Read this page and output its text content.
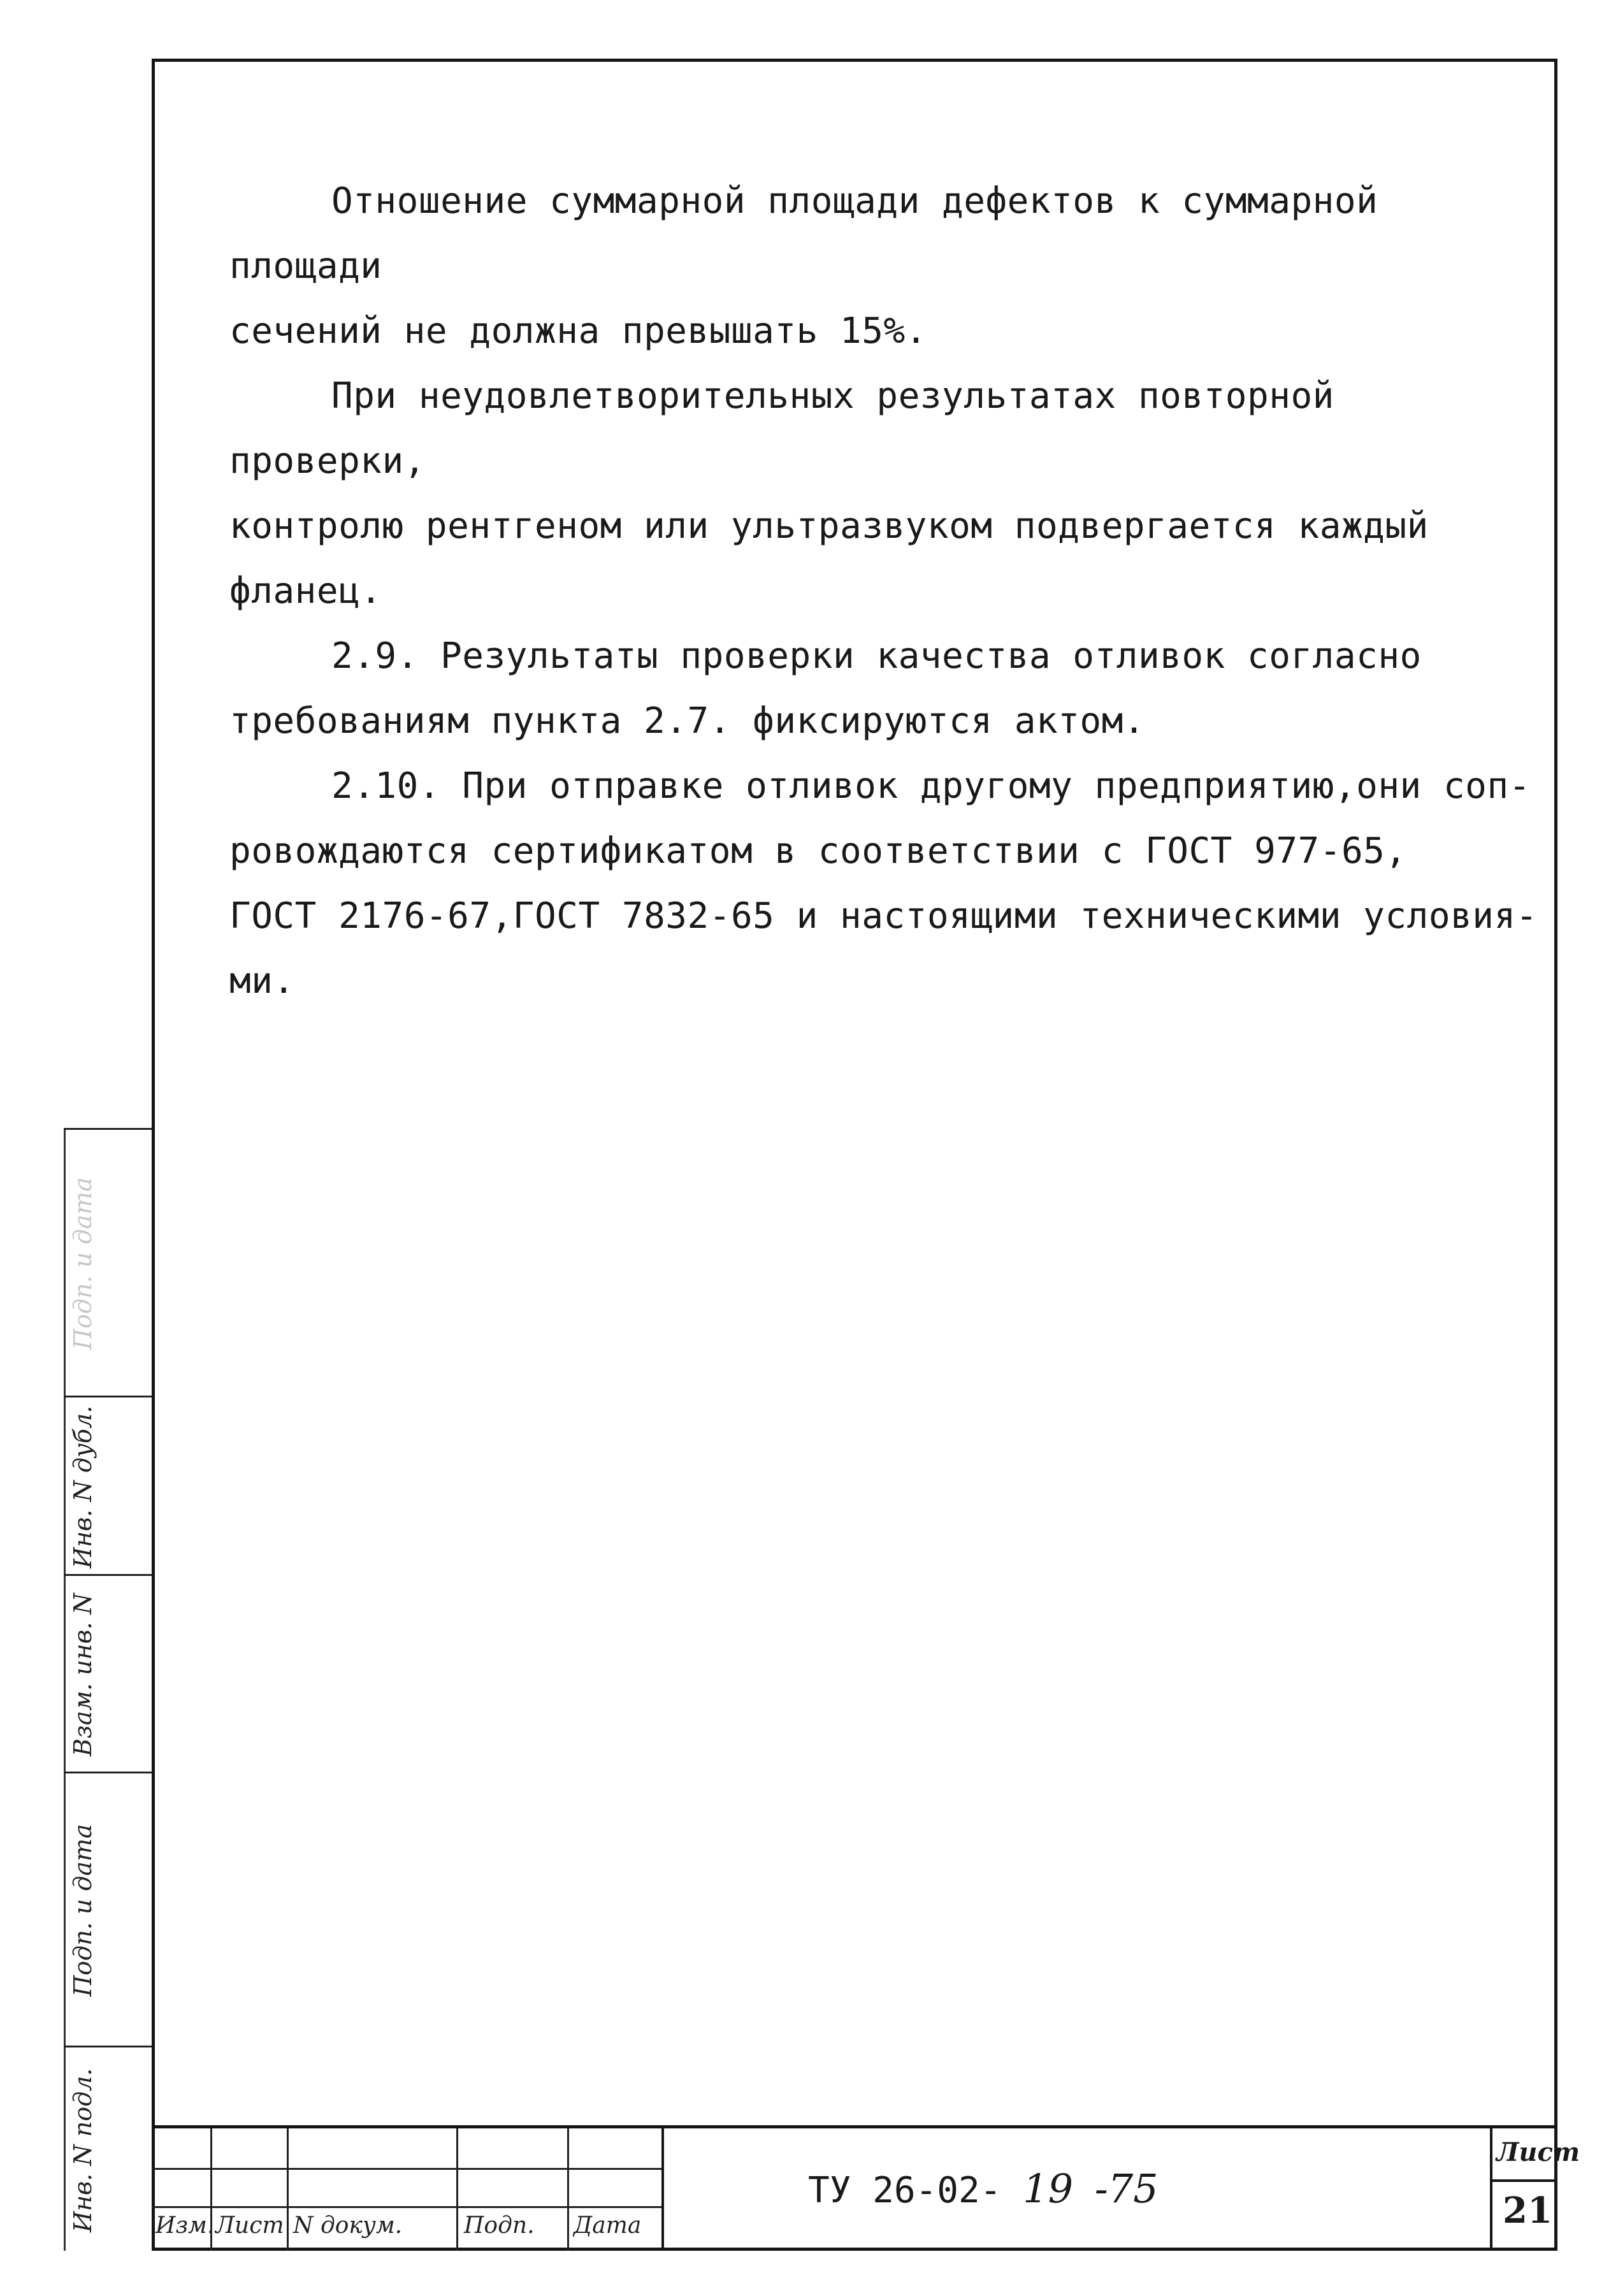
Отношение суммарной площади дефектов к суммарной площади

сечений не должна превышать 15%.

При неудовлетворительных результатах повторной проверки,

контролю рентгеном или ультразвуком подвергается каждый

фланец.

2.9. Результаты проверки качества отливок согласно

требованиям пункта 2.7. фиксируются актом.

2.10. При отправке отливок другому предприятию,они соп-

ровождаются сертификатом в соответствии с ГОСТ 977-65,

ГОСТ 2176-67,ГОСТ 7832-65 и настоящими техническими условия-

ми.

Инв. N подл.
Подп. и дата
Взам. инв. N
Инв. N дубл.
Подп. и дата
Изм. Лист N докум.	Подп. Дата
ТУ 26-02- 19 -75
Лист
21
